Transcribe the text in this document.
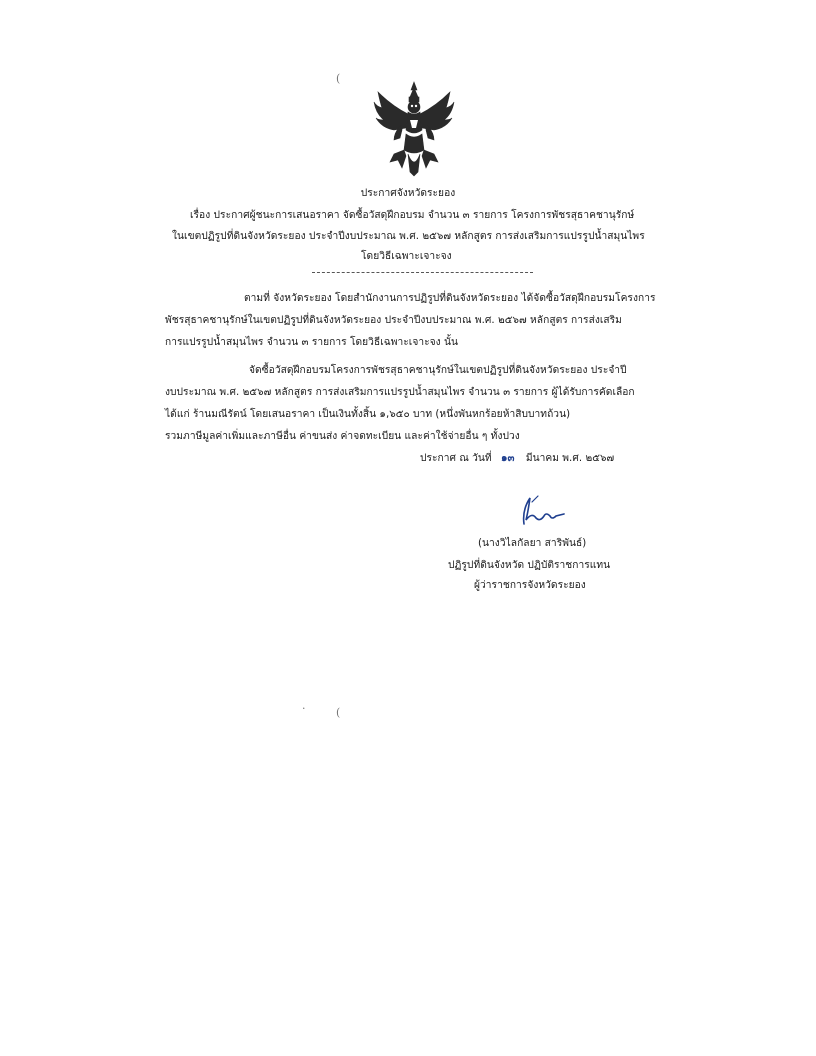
(
ประกาศจังหวัดระยอง
เรื่อง ประกาศผู้ชนะการเสนอราคา จัดซื้อวัสดุฝึกอบรม จำนวน ๓ รายการ โครงการพัชรสุธาคชานุรักษ์
ในเขตปฏิรูปที่ดินจังหวัดระยอง ประจำปีงบประมาณ พ.ศ. ๒๕๖๗ หลักสูตร การส่งเสริมการแปรรูปน้ำสมุนไพร
โดยวิธีเฉพาะเจาะจง
ตามที่ จังหวัดระยอง โดยสำนักงานการปฏิรูปที่ดินจังหวัดระยอง ได้จัดซื้อวัสดุฝึกอบรมโครงการ
พัชรสุธาคชานุรักษ์ในเขตปฏิรูปที่ดินจังหวัดระยอง ประจำปีงบประมาณ พ.ศ. ๒๕๖๗ หลักสูตร การส่งเสริม
การแปรรูปน้ำสมุนไพร จำนวน ๓ รายการ โดยวิธีเฉพาะเจาะจง นั้น
จัดซื้อวัสดุฝึกอบรมโครงการพัชรสุธาคชานุรักษ์ในเขตปฏิรูปที่ดินจังหวัดระยอง ประจำปี
งบประมาณ พ.ศ. ๒๕๖๗ หลักสูตร การส่งเสริมการแปรรูปน้ำสมุนไพร จำนวน ๓ รายการ ผู้ได้รับการคัดเลือก
ได้แก่ ร้านมณีรัตน์ โดยเสนอราคา เป็นเงินทั้งสิ้น ๑,๖๕๐ บาท (หนึ่งพันหกร้อยห้าสิบบาทถ้วน)
รวมภาษีมูลค่าเพิ่มและภาษีอื่น ค่าขนส่ง ค่าจดทะเบียน และค่าใช้จ่ายอื่น ๆ ทั้งปวง
ประกาศ ณ วันที่ ๑๓ มีนาคม พ.ศ. ๒๕๖๗
(นางวิไลกัลยา สาริพันธ์)
ปฏิรูปที่ดินจังหวัด ปฏิบัติราชการแทน
ผู้ว่าราชการจังหวัดระยอง
·	(
